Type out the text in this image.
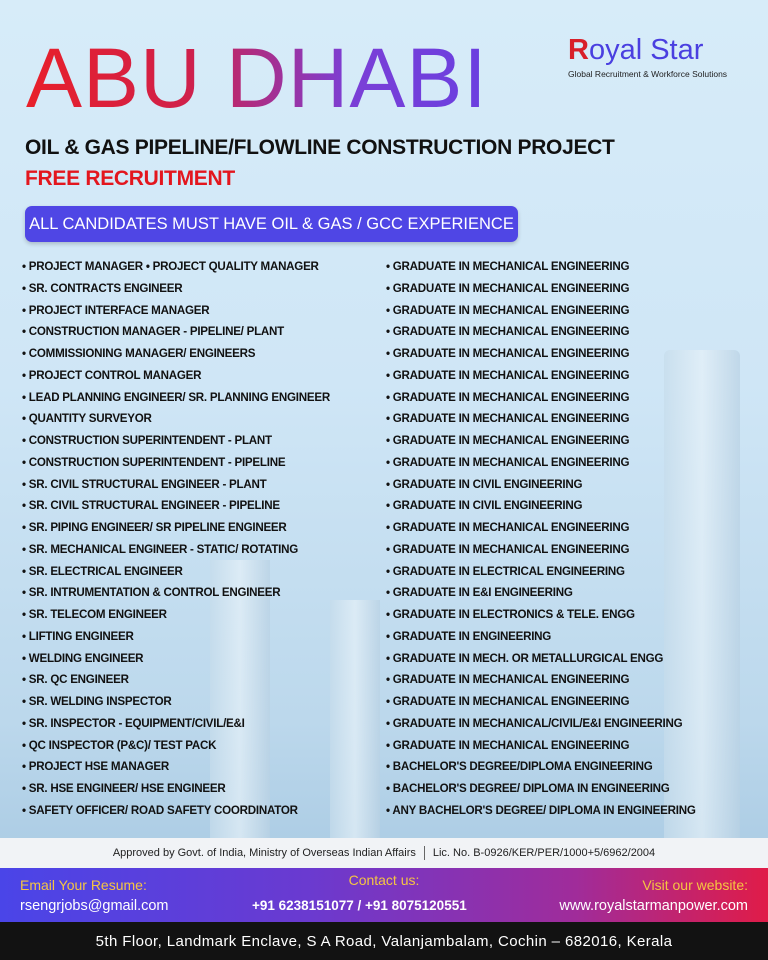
ABU DHABI	Royal Star
Global Recruitment & Workforce Solutions
OIL & GAS PIPELINE/FLOWLINE CONSTRUCTION PROJECT
FREE RECRUITMENT
ALL CANDIDATES MUST HAVE OIL & GAS / GCC EXPERIENCE
• PROJECT MANAGER • PROJECT QUALITY MANAGER
• SR. CONTRACTS ENGINEER
• PROJECT INTERFACE MANAGER
• CONSTRUCTION MANAGER - PIPELINE/ PLANT
• COMMISSIONING MANAGER/ ENGINEERS
• PROJECT CONTROL MANAGER
• LEAD PLANNING ENGINEER/ SR. PLANNING ENGINEER
• QUANTITY SURVEYOR
• CONSTRUCTION SUPERINTENDENT - PLANT
• CONSTRUCTION SUPERINTENDENT - PIPELINE
• SR. CIVIL STRUCTURAL ENGINEER - PLANT
• SR. CIVIL STRUCTURAL ENGINEER - PIPELINE
• SR. PIPING ENGINEER/ SR PIPELINE ENGINEER
• SR. MECHANICAL ENGINEER - STATIC/ ROTATING
• SR. ELECTRICAL ENGINEER
• SR. INTRUMENTATION & CONTROL ENGINEER
• SR. TELECOM ENGINEER
• LIFTING ENGINEER
• WELDING ENGINEER
• SR. QC ENGINEER
• SR. WELDING INSPECTOR
• SR. INSPECTOR - EQUIPMENT/CIVIL/E&I
• QC INSPECTOR (P&C)/ TEST PACK
• PROJECT HSE MANAGER
• SR. HSE ENGINEER/ HSE ENGINEER
• SAFETY OFFICER/ ROAD SAFETY COORDINATOR
• GRADUATE IN MECHANICAL ENGINEERING
• GRADUATE IN MECHANICAL ENGINEERING
• GRADUATE IN MECHANICAL ENGINEERING
• GRADUATE IN MECHANICAL ENGINEERING
• GRADUATE IN MECHANICAL ENGINEERING
• GRADUATE IN MECHANICAL ENGINEERING
• GRADUATE IN MECHANICAL ENGINEERING
• GRADUATE IN MECHANICAL ENGINEERING
• GRADUATE IN MECHANICAL ENGINEERING
• GRADUATE IN MECHANICAL ENGINEERING
• GRADUATE IN CIVIL ENGINEERING
• GRADUATE IN CIVIL ENGINEERING
• GRADUATE IN MECHANICAL ENGINEERING
• GRADUATE IN MECHANICAL ENGINEERING
• GRADUATE IN ELECTRICAL ENGINEERING
• GRADUATE IN E&I ENGINEERING
• GRADUATE IN ELECTRONICS & TELE. ENGG
• GRADUATE IN ENGINEERING
• GRADUATE IN MECH. OR METALLURGICAL ENGG
• GRADUATE IN MECHANICAL ENGINEERING
• GRADUATE IN MECHANICAL ENGINEERING
• GRADUATE IN MECHANICAL/CIVIL/E&I ENGINEERING
• GRADUATE IN MECHANICAL ENGINEERING
• BACHELOR'S DEGREE/DIPLOMA ENGINEERING
• BACHELOR'S DEGREE/ DIPLOMA IN ENGINEERING
• ANY BACHELOR'S DEGREE/ DIPLOMA IN ENGINEERING
Approved by Govt. of India, Ministry of Overseas Indian Affairs Lic. No. B-0926/KER/PER/1000+5/6962/2004
Email Your Resume:
rsengrjobs@gmail.com
Contact us:
+91 6238151077 / +91 8075120551
Visit our website:
www.royalstarmanpower.com
5th Floor, Landmark Enclave, S A Road, Valanjambalam, Cochin – 682016, Kerala
